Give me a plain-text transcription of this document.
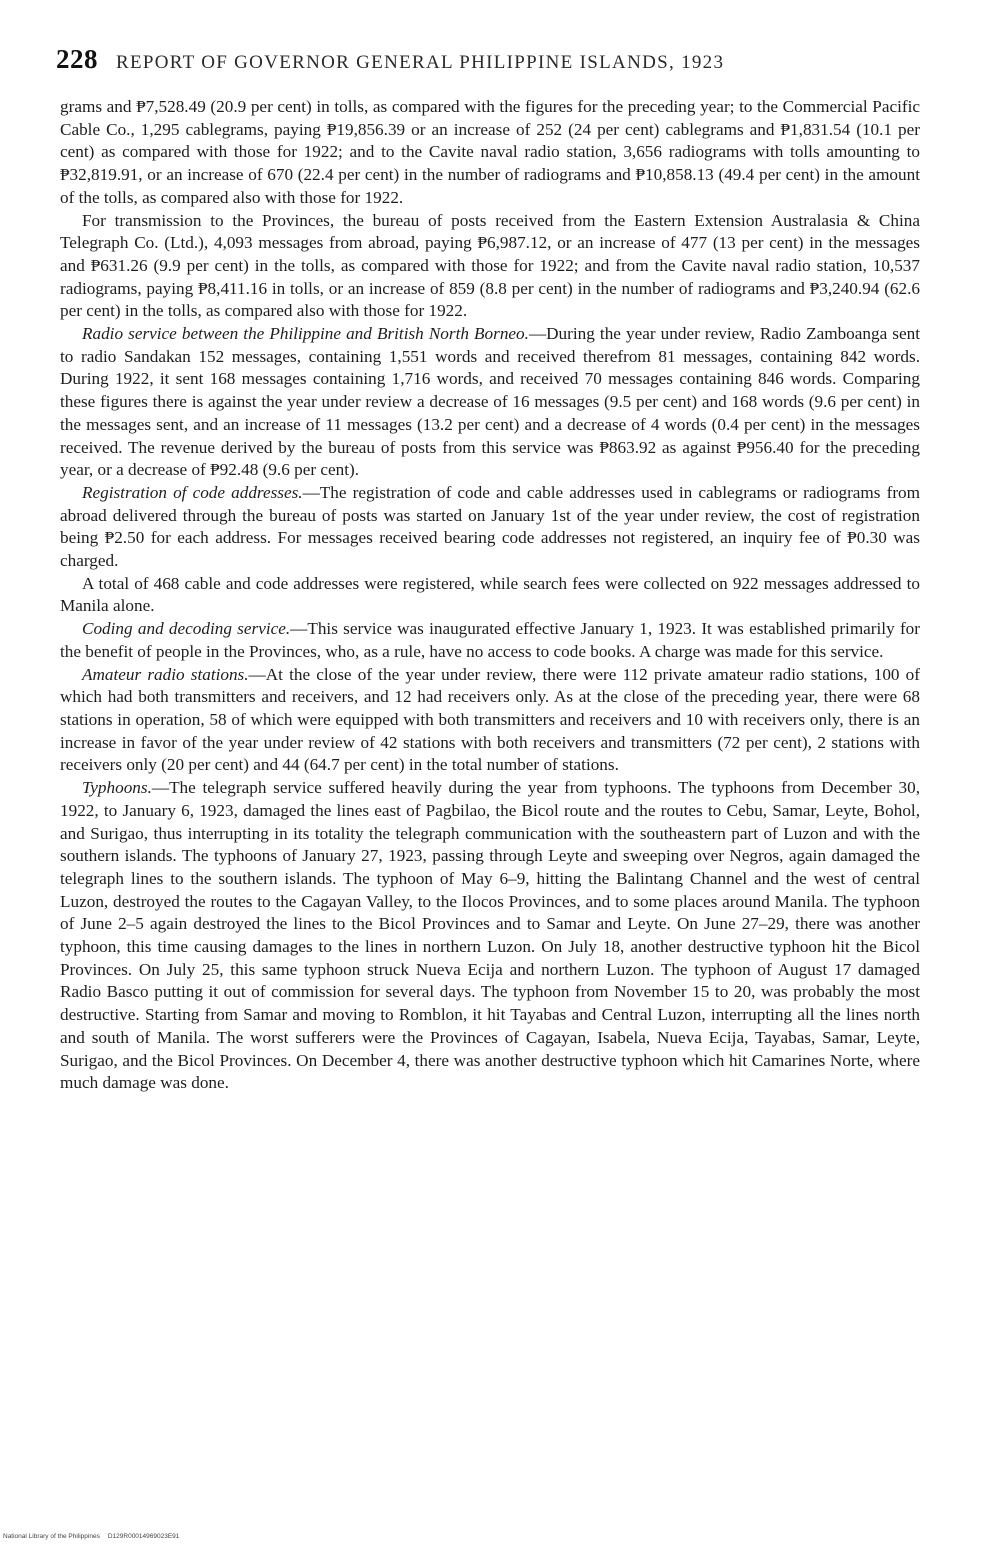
228 REPORT OF GOVERNOR GENERAL PHILIPPINE ISLANDS, 1923

grams and ₱7,528.49 (20.9 per cent) in tolls, as compared with the figures for the preceding year; to the Commercial Pacific Cable Co., 1,295 cablegrams, paying ₱19,856.39 or an increase of 252 (24 per cent) cablegrams and ₱1,831.54 (10.1 per cent) as compared with those for 1922; and to the Cavite naval radio station, 3,656 radiograms with tolls amounting to ₱32,819.91, or an increase of 670 (22.4 per cent) in the number of radiograms and ₱10,858.13 (49.4 per cent) in the amount of the tolls, as compared also with those for 1922.

For transmission to the Provinces, the bureau of posts received from the Eastern Extension Australasia & China Telegraph Co. (Ltd.), 4,093 messages from abroad, paying ₱6,987.12, or an increase of 477 (13 per cent) in the messages and ₱631.26 (9.9 per cent) in the tolls, as compared with those for 1922; and from the Cavite naval radio station, 10,537 radiograms, paying ₱8,411.16 in tolls, or an increase of 859 (8.8 per cent) in the number of radiograms and ₱3,240.94 (62.6 per cent) in the tolls, as compared also with those for 1922.

Radio service between the Philippine and British North Borneo.—During the year under review, Radio Zamboanga sent to radio Sandakan 152 messages, containing 1,551 words and received therefrom 81 messages, containing 842 words. During 1922, it sent 168 messages containing 1,716 words, and received 70 messages containing 846 words. Comparing these figures there is against the year under review a decrease of 16 messages (9.5 per cent) and 168 words (9.6 per cent) in the messages sent, and an increase of 11 messages (13.2 per cent) and a decrease of 4 words (0.4 per cent) in the messages received. The revenue derived by the bureau of posts from this service was ₱863.92 as against ₱956.40 for the preceding year, or a decrease of ₱92.48 (9.6 per cent).

Registration of code addresses.—The registration of code and cable addresses used in cablegrams or radiograms from abroad delivered through the bureau of posts was started on January 1st of the year under review, the cost of registration being ₱2.50 for each address. For messages received bearing code addresses not registered, an inquiry fee of ₱0.30 was charged.

A total of 468 cable and code addresses were registered, while search fees were collected on 922 messages addressed to Manila alone.

Coding and decoding service.—This service was inaugurated effective January 1, 1923. It was established primarily for the benefit of people in the Provinces, who, as a rule, have no access to code books. A charge was made for this service.

Amateur radio stations.—At the close of the year under review, there were 112 private amateur radio stations, 100 of which had both transmitters and receivers, and 12 had receivers only. As at the close of the preceding year, there were 68 stations in operation, 58 of which were equipped with both transmitters and receivers and 10 with receivers only, there is an increase in favor of the year under review of 42 stations with both receivers and transmitters (72 per cent), 2 stations with receivers only (20 per cent) and 44 (64.7 per cent) in the total number of stations.

Typhoons.—The telegraph service suffered heavily during the year from typhoons. The typhoons from December 30, 1922, to January 6, 1923, damaged the lines east of Pagbilao, the Bicol route and the routes to Cebu, Samar, Leyte, Bohol, and Surigao, thus interrupting in its totality the telegraph communication with the southeastern part of Luzon and with the southern islands. The typhoons of January 27, 1923, passing through Leyte and sweeping over Negros, again damaged the telegraph lines to the southern islands. The typhoon of May 6–9, hitting the Balintang Channel and the west of central Luzon, destroyed the routes to the Cagayan Valley, to the Ilocos Provinces, and to some places around Manila. The typhoon of June 2–5 again destroyed the lines to the Bicol Provinces and to Samar and Leyte. On June 27–29, there was another typhoon, this time causing damages to the lines in northern Luzon. On July 18, another destructive typhoon hit the Bicol Provinces. On July 25, this same typhoon struck Nueva Ecija and northern Luzon. The typhoon of August 17 damaged Radio Basco putting it out of commission for several days. The typhoon from November 15 to 20, was probably the most destructive. Starting from Samar and moving to Romblon, it hit Tayabas and Central Luzon, interrupting all the lines north and south of Manila. The worst sufferers were the Provinces of Cagayan, Isabela, Nueva Ecija, Tayabas, Samar, Leyte, Surigao, and the Bicol Provinces. On December 4, there was another destructive typhoon which hit Camarines Norte, where much damage was done.

National Library of the Philippines D129R00014969023E91
